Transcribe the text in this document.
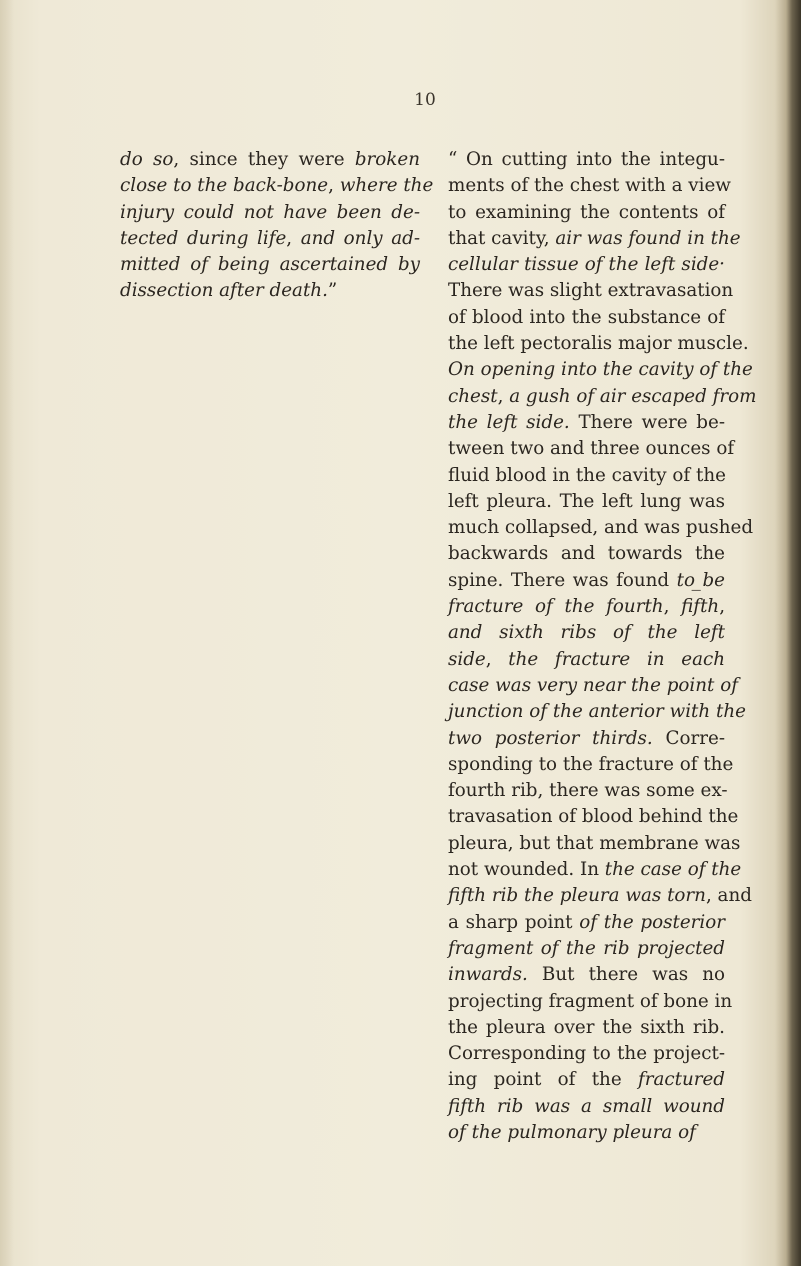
10
do so, since they were broken
close to the back-bone, where the
injury could not have been de-
tected during life, and only ad-
mitted of being ascertained by
dissection after death.”
“ On cutting into the integu-
ments of the chest with a view
to examining the contents of
that cavity, air was found in the
cellular tissue of the left side·
There was slight extravasation
of blood into the substance of
the left pectoralis major muscle.
On opening into the cavity of the
chest, a gush of air escaped from
the left side. There were be-
tween two and three ounces of
fluid blood in the cavity of the
left pleura. The left lung was
much collapsed, and was pushed
backwards and towards the
spine. There was found to ̲be
fracture of the fourth, fifth,
and sixth ribs of the left
side, the fracture in each
case was very near the point of
junction of the anterior with the
two posterior thirds. Corre-
sponding to the fracture of the
fourth rib, there was some ex-
travasation of blood behind the
pleura, but that membrane was
not wounded. In the case of the
fifth rib the pleura was torn, and
a sharp point of the posterior
fragment of the rib projected
inwards. But there was no
projecting fragment of bone in
the pleura over the sixth rib.
Corresponding to the project-
ing point of the fractured
fifth rib was a small wound
of the pulmonary pleura of
